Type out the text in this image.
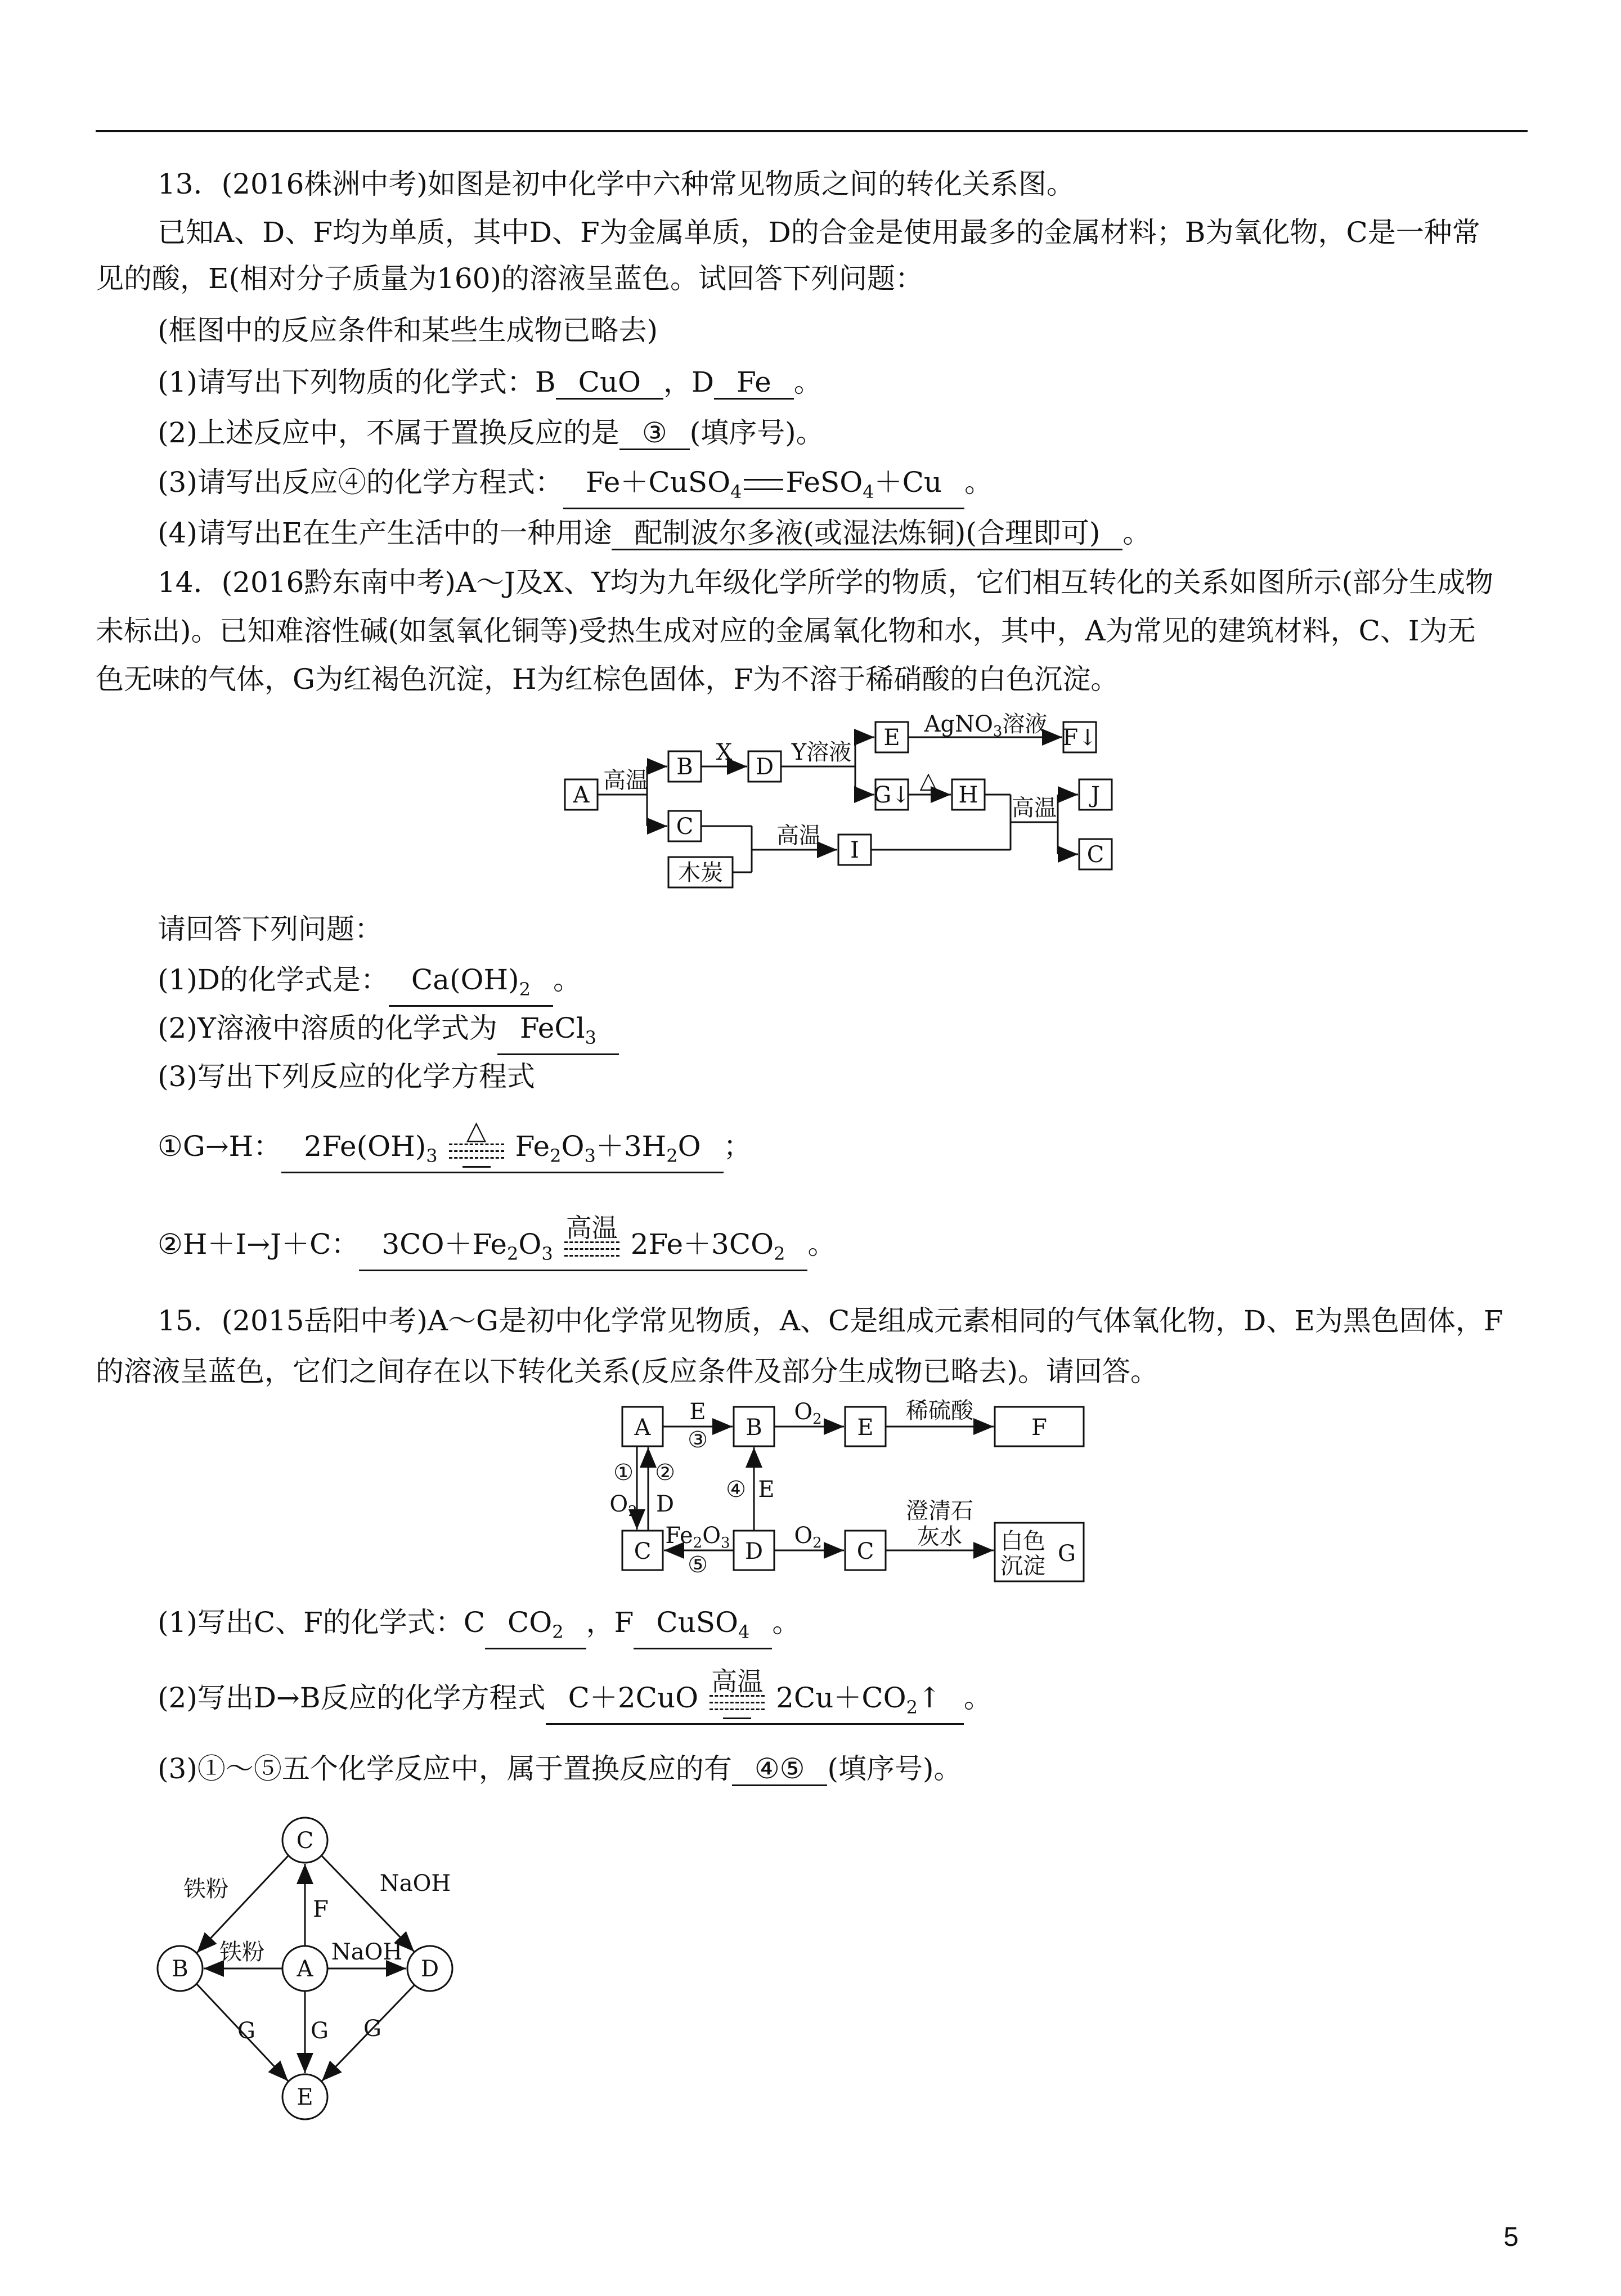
13．(2016株洲中考)如图是初中化学中六种常见物质之间的转化关系图。
已知A、D、F均为单质，其中D、F为金属单质，D的合金是使用最多的金属材料；B为氧化物，C是一种常
见的酸，E(相对分子质量为160)的溶液呈蓝色。试回答下列问题：
(框图中的反应条件和某些生成物已略去)
(1)请写出下列物质的化学式：B CuO ，D Fe 。
(2)上述反应中，不属于置换反应的是 ③ (填序号)。
(3)请写出反应④的化学方程式： Fe＋CuSO$_4$ FeSO$_4$＋Cu 。
(4)请写出E在生产生活中的一种用途 配制波尔多液(或湿法炼铜)(合理即可) 。
14．(2016黔东南中考)A～J及X、Y均为九年级化学所学的物质，它们相互转化的关系如图所示(部分生成物
未标出)。已知难溶性碱(如氢氧化铜等)受热生成对应的金属氧化物和水，其中，A为常见的建筑材料，C、I为无
色无味的气体，G为红褐色沉淀，H为红棕色固体，F为不溶于稀硝酸的白色沉淀。
A
B	D
E	F↓
G↓ H
C
木炭
I
J
C
高温
X	Y溶液
△
高温
高温
AgNO$_3$溶液
请回答下列问题：
(1)D的化学式是： $Ca(OH)_2$ 。
(2)Y溶液中溶质的化学式为 FeCl$_3$
(3)写出下列反应的化学方程式
①G→H： $2Fe(OH)_3$
△	$Fe_2O_3+3H_2O$ ；
②H＋I→J＋C： $3CO+Fe_2O_3$
高温 $2Fe+3CO_2$ 。
15．(2015岳阳中考)A～G是初中化学常见物质，A、C是组成元素相同的气体氧化物，D、E为黑色固体，F
的溶液呈蓝色，它们之间存在以下转化关系(反应条件及部分生成物已略去)。请回答。
A	B	E	F
C	D	C	白色
沉淀 G
E
③
$O_2$	稀硫酸
① ②
$O_2$ D
④ E
$Fe_2O_3$
⑤
$O_2$
澄清石
灰水
(1)写出C、F的化学式：C $CO_2$ ，F CuSO$_4$ 。
(2)写出D→B反应的化学方程式 C＋2CuO 高温 $2Cu+CO_2↑$ 。
(3)①～⑤五个化学反应中，属于置换反应的有 ④⑤ (填序号)。
C
B	A	D
E
铁粉	NaOH
F
铁粉	NaOH
G G G
5
